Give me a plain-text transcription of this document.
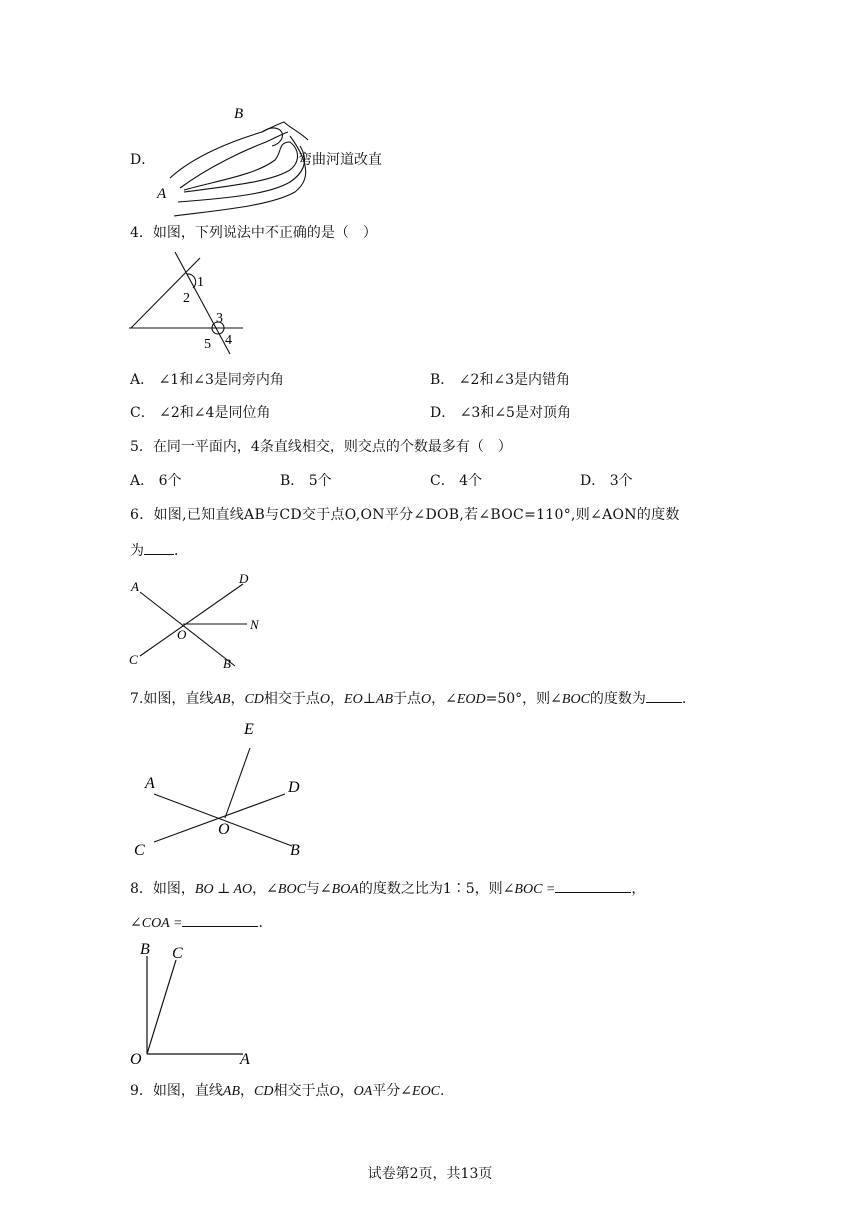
D．
B
A
弯曲河道改直
4．如图，下列说法中不正确的是（　）
1
2
3
5 4
A． ∠1和∠3是同旁内角	B． ∠2和∠3是内错角
C． ∠2和∠4是同位角	D． ∠3和∠5是对顶角
5．在同一平面内，4条直线相交，则交点的个数最多有（　）
A． 6个	B． 5个	C． 4个	D． 3个
6．如图,已知直线AB与CD交于点O,ON平分∠DOB,若∠BOC=110°,则∠AON的度数
为 .
A
D
N
O
C	B
7.如图，直线AB，CD相交于点O，EO⊥AB于点O，∠EOD=50°，则∠BOC的度数为	.
E
A	D
O
C	B
8．如图，BO ⊥ AO，∠BOC与∠BOA的度数之比为1∶5，则∠BOC =	，
∠COA =	.
B C
O	A
9．如图，直线AB，CD相交于点O，OA平分∠EOC.
试卷第2页，共13页
